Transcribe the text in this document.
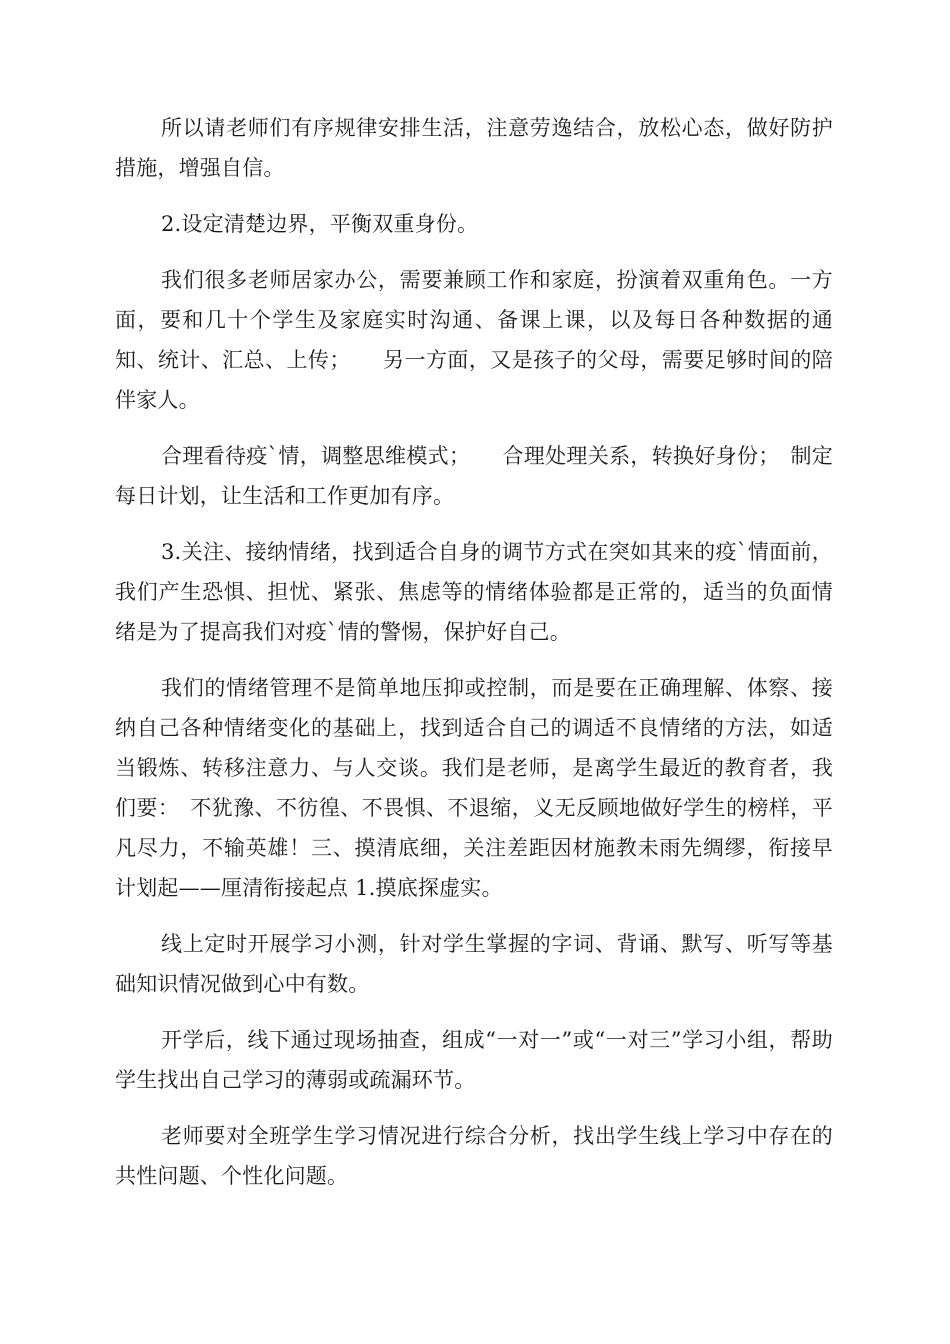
所以请老师们有序规律安排生活，注意劳逸结合，放松心态，做好防护措施，增强自信。

2.设定清楚边界，平衡双重身份。

我们很多老师居家办公，需要兼顾工作和家庭，扮演着双重角色。一方面，要和几十个学生及家庭实时沟通、备课上课，以及每日各种数据的通知、统计、汇总、上传；　　另一方面，又是孩子的父母，需要足够时间的陪伴家人。

合理看待疫`情，调整思维模式；　　合理处理关系，转换好身份；　制定每日计划，让生活和工作更加有序。

3.关注、接纳情绪，找到适合自身的调节方式在突如其来的疫`情面前，我们产生恐惧、担忧、紧张、焦虑等的情绪体验都是正常的，适当的负面情绪是为了提高我们对疫`情的警惕，保护好自己。

我们的情绪管理不是简单地压抑或控制，而是要在正确理解、体察、接纳自己各种情绪变化的基础上，找到适合自己的调适不良情绪的方法，如适当锻炼、转移注意力、与人交谈。我们是老师，是离学生最近的教育者，我们要：　不犹豫、不彷徨、不畏惧、不退缩，义无反顾地做好学生的榜样，平凡尽力，不输英雄！三、摸清底细，关注差距因材施教未雨先绸缪，衔接早计划起——厘清衔接起点 1.摸底探虚实。

线上定时开展学习小测，针对学生掌握的字词、背诵、默写、听写等基础知识情况做到心中有数。

开学后，线下通过现场抽查，组成“一对一”或“一对三”学习小组，帮助学生找出自己学习的薄弱或疏漏环节。

老师要对全班学生学习情况进行综合分析，找出学生线上学习中存在的共性问题、个性化问题。
